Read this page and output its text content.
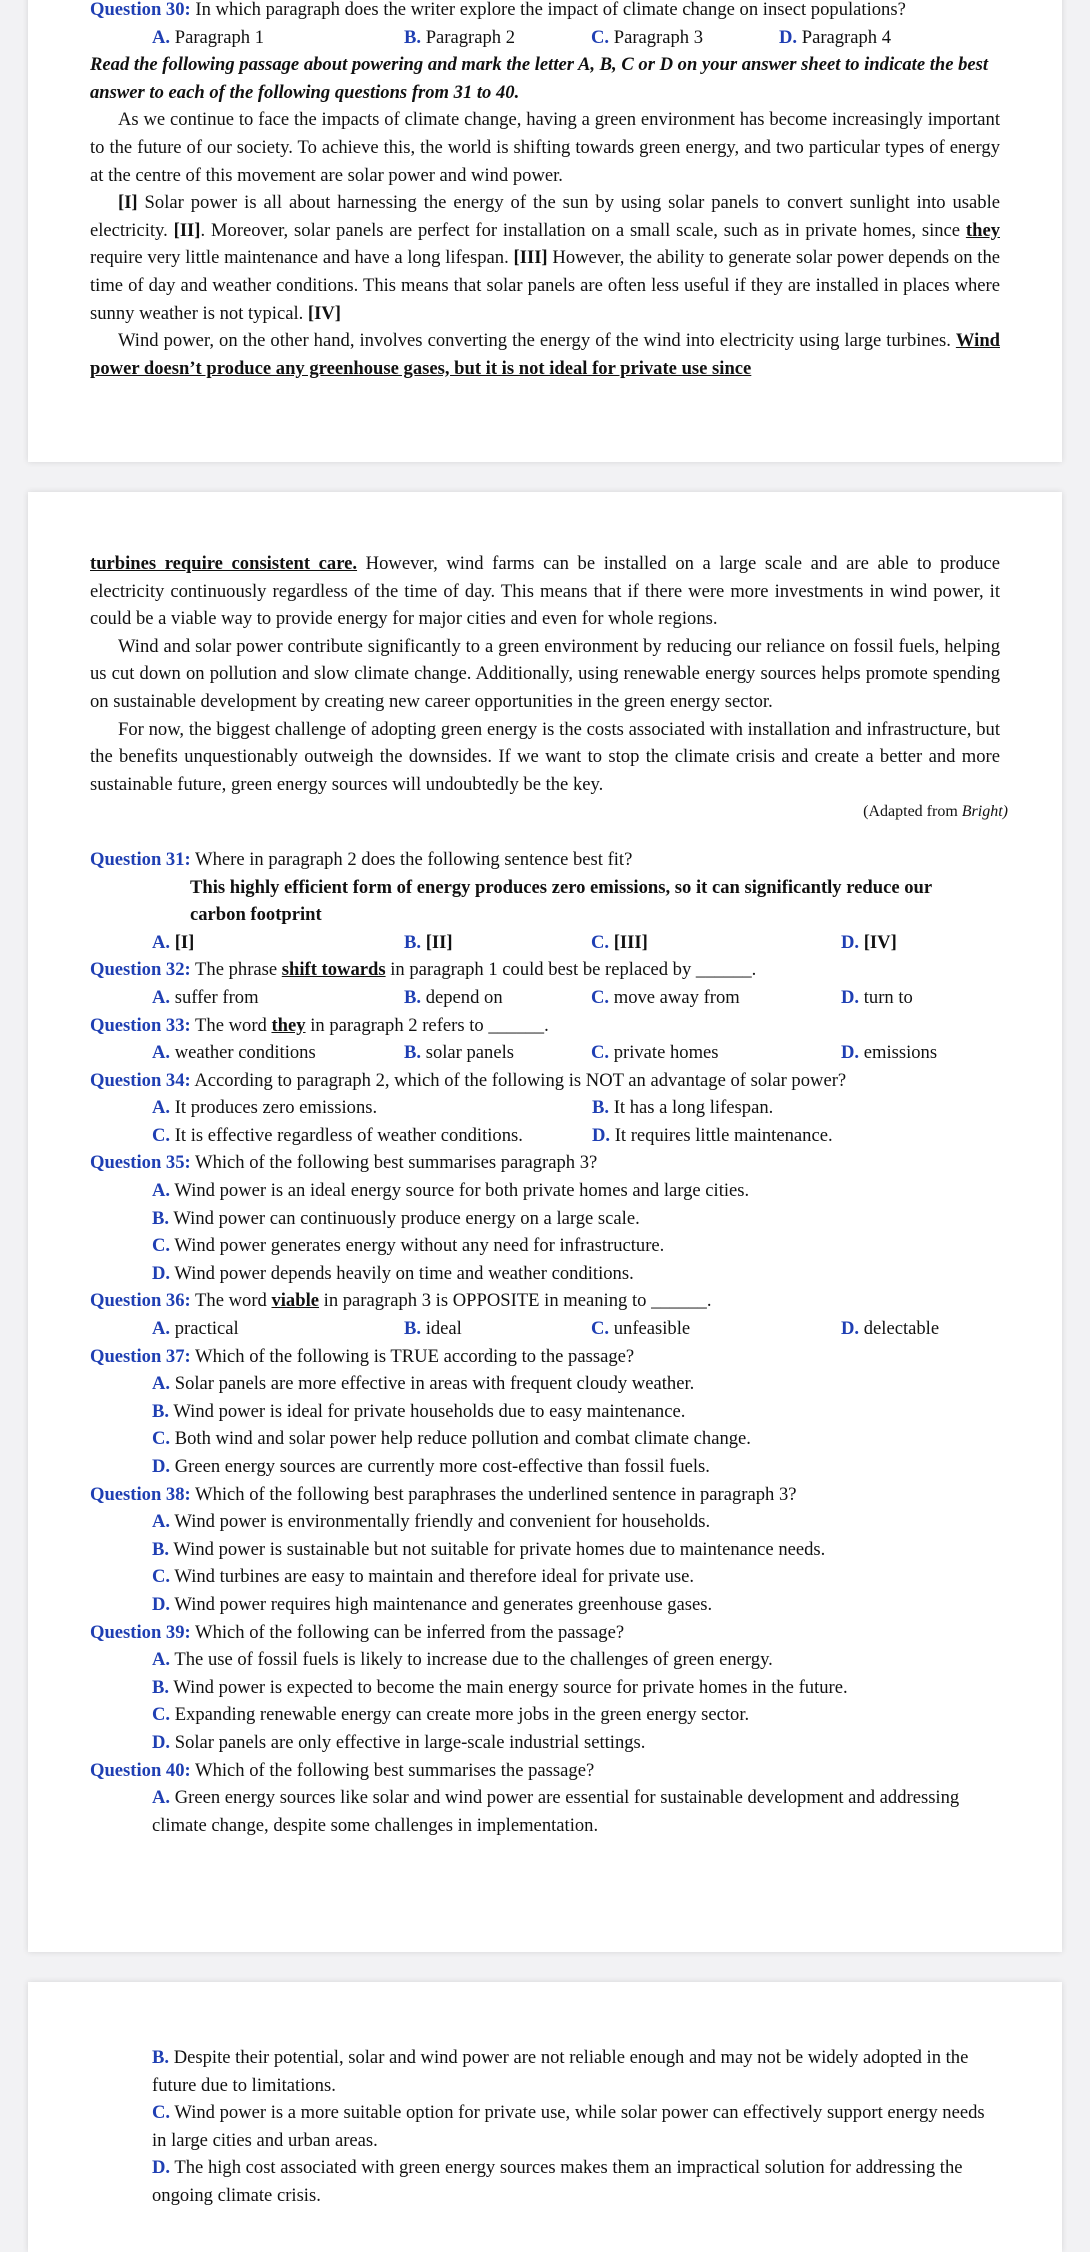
Question 30: In which paragraph does the writer explore the impact of climate change on insect populations?

A. Paragraph 1	B. Paragraph 2	C. Paragraph 3	D. Paragraph 4

Read the following passage about powering and mark the letter A, B, C or D on your answer sheet to indicate the best answer to each of the following questions from 31 to 40.

As we continue to face the impacts of climate change, having a green environment has become increasingly important to the future of our society. To achieve this, the world is shifting towards green energy, and two particular types of energy at the centre of this movement are solar power and wind power.

[I] Solar power is all about harnessing the energy of the sun by using solar panels to convert sunlight into usable electricity. [II]. Moreover, solar panels are perfect for installation on a small scale, such as in private homes, since they require very little maintenance and have a long lifespan. [III] However, the ability to generate solar power depends on the time of day and weather conditions. This means that solar panels are often less useful if they are installed in places where sunny weather is not typical. [IV]

Wind power, on the other hand, involves converting the energy of the wind into electricity using large turbines. Wind power doesn’t produce any greenhouse gases, but it is not ideal for private use since

turbines require consistent care. However, wind farms can be installed on a large scale and are able to produce electricity continuously regardless of the time of day. This means that if there were more investments in wind power, it could be a viable way to provide energy for major cities and even for whole regions.

Wind and solar power contribute significantly to a green environment by reducing our reliance on fossil fuels, helping us cut down on pollution and slow climate change. Additionally, using renewable energy sources helps promote spending on sustainable development by creating new career opportunities in the green energy sector.

For now, the biggest challenge of adopting green energy is the costs associated with installation and infrastructure, but the benefits unquestionably outweigh the downsides. If we want to stop the climate crisis and create a better and more sustainable future, green energy sources will undoubtedly be the key.

(Adapted from Bright)

Question 31: Where in paragraph 2 does the following sentence best fit?

This highly efficient form of energy produces zero emissions, so it can significantly reduce our carbon footprint

A. [I]	B. [II]	C. [III]	D. [IV]

Question 32: The phrase shift towards in paragraph 1 could best be replaced by ______.

A. suffer from	B. depend on	C. move away from	D. turn to

Question 33: The word they in paragraph 2 refers to ______.

A. weather conditions	B. solar panels	C. private homes	D. emissions

Question 34: According to paragraph 2, which of the following is NOT an advantage of solar power?

A. It produces zero emissions.	B. It has a long lifespan.
C. It is effective regardless of weather conditions.	D. It requires little maintenance.

Question 35: Which of the following best summarises paragraph 3?

A. Wind power is an ideal energy source for both private homes and large cities.

B. Wind power can continuously produce energy on a large scale.

C. Wind power generates energy without any need for infrastructure.

D. Wind power depends heavily on time and weather conditions.

Question 36: The word viable in paragraph 3 is OPPOSITE in meaning to ______.

A. practical	B. ideal	C. unfeasible	D. delectable

Question 37: Which of the following is TRUE according to the passage?

A. Solar panels are more effective in areas with frequent cloudy weather.

B. Wind power is ideal for private households due to easy maintenance.

C. Both wind and solar power help reduce pollution and combat climate change.

D. Green energy sources are currently more cost-effective than fossil fuels.

Question 38: Which of the following best paraphrases the underlined sentence in paragraph 3?

A. Wind power is environmentally friendly and convenient for households.

B. Wind power is sustainable but not suitable for private homes due to maintenance needs.

C. Wind turbines are easy to maintain and therefore ideal for private use.

D. Wind power requires high maintenance and generates greenhouse gases.

Question 39: Which of the following can be inferred from the passage?

A. The use of fossil fuels is likely to increase due to the challenges of green energy.

B. Wind power is expected to become the main energy source for private homes in the future.

C. Expanding renewable energy can create more jobs in the green energy sector.

D. Solar panels are only effective in large-scale industrial settings.

Question 40: Which of the following best summarises the passage?

A. Green energy sources like solar and wind power are essential for sustainable development and addressing climate change, despite some challenges in implementation.

B. Despite their potential, solar and wind power are not reliable enough and may not be widely adopted in the future due to limitations.

C. Wind power is a more suitable option for private use, while solar power can effectively support energy needs in large cities and urban areas.

D. The high cost associated with green energy sources makes them an impractical solution for addressing the ongoing climate crisis.
